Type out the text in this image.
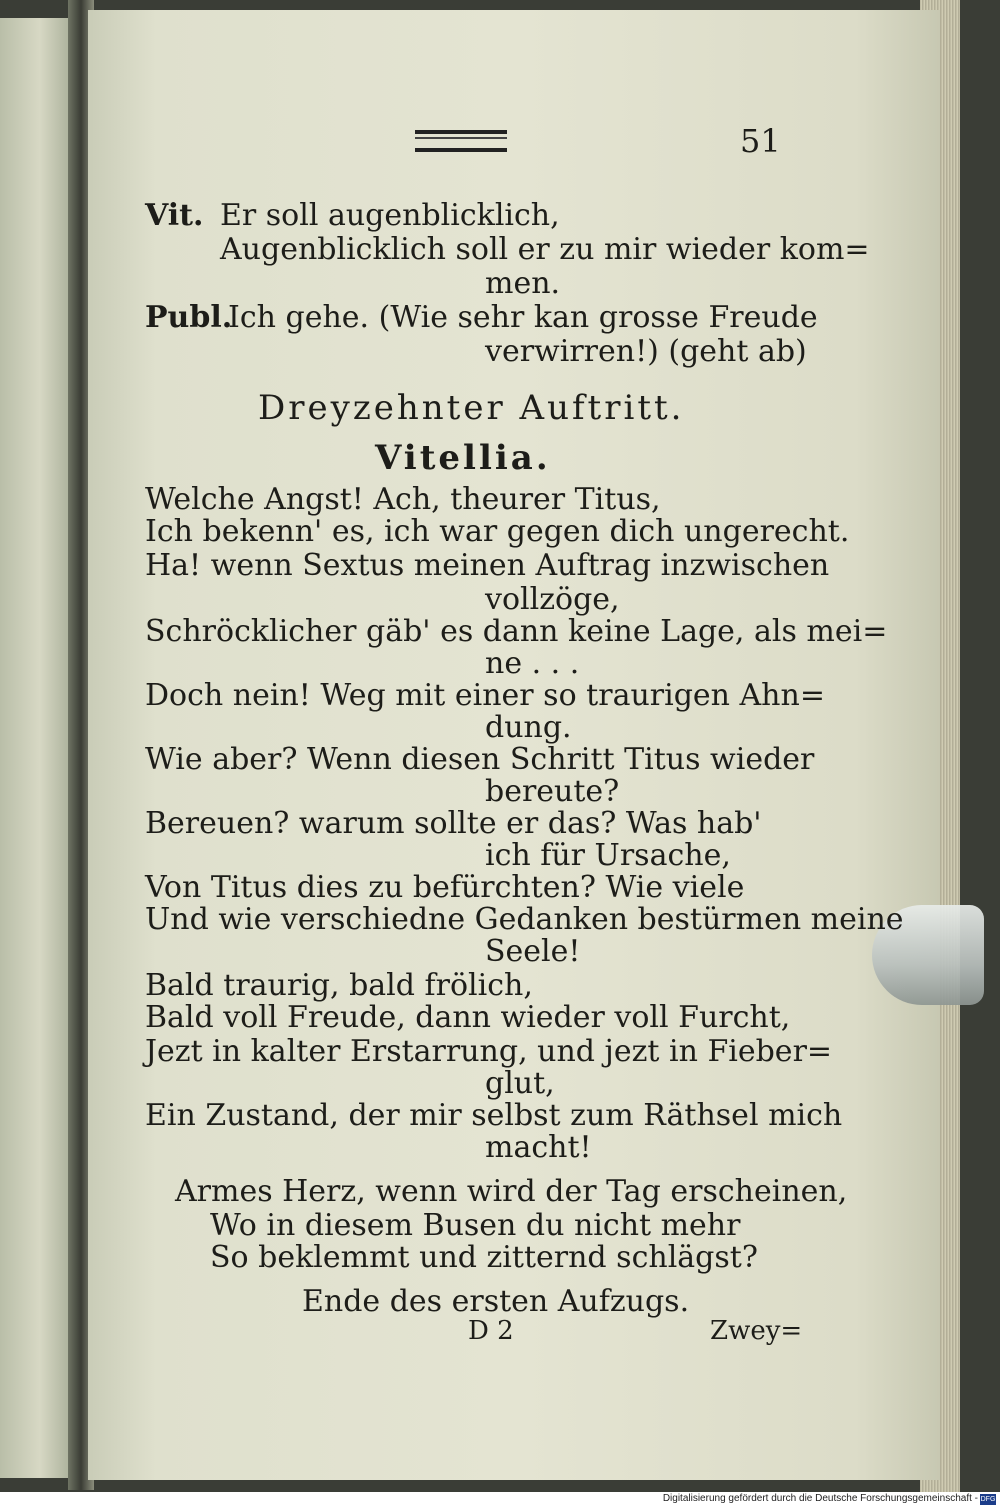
51
Vit. Er soll augenblicklich,
Augenblicklich soll er zu mir wieder kom=
men.
Publ.
Ich gehe. (Wie sehr kan grosse Freude
verwirren!) (geht ab)
Dreyzehnter Auftritt.
Vitellia.
Welche Angst! Ach, theurer Titus,
Ich bekenn' es, ich war gegen dich ungerecht.
Ha! wenn Sextus meinen Auftrag inzwischen
vollzöge,
Schröcklicher gäb' es dann keine Lage, als mei=
ne . . .
Doch nein! Weg mit einer so traurigen Ahn=
dung.
Wie aber? Wenn diesen Schritt Titus wieder
bereute?
Bereuen? warum sollte er das? Was hab'
ich für Ursache,
Von Titus dies zu befürchten? Wie viele
Und wie verschiedne Gedanken bestürmen meine
Seele!
Bald traurig, bald frölich,
Bald voll Freude, dann wieder voll Furcht,
Jezt in kalter Erstarrung, und jezt in Fieber=
glut,
Ein Zustand, der mir selbst zum Räthsel mich
macht!
Armes Herz, wenn wird der Tag erscheinen,
Wo in diesem Busen du nicht mehr
So beklemmt und zitternd schlägst?
Ende des ersten Aufzugs.
D 2	Zwey=
Digitalisierung gefördert durch die Deutsche Forschungsgemeinschaft - DFG
